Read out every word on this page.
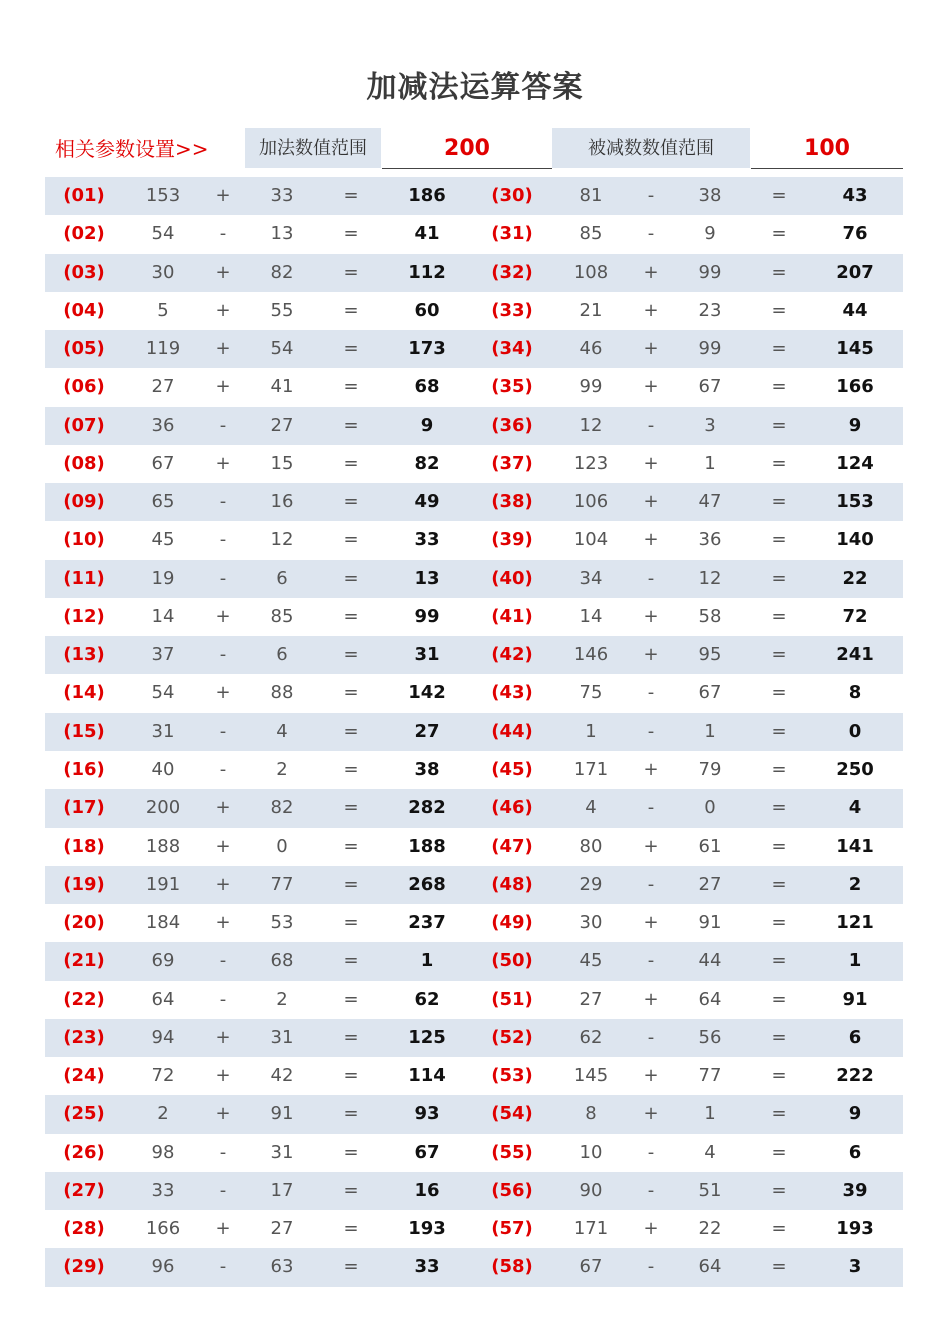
加减法运算答案
相关参数设置>>	加法数值范围	200	被减数数值范围	100
(01)	153	+	33	=	186	(30)	81	-	38	=	43
(02)	54	-	13	=	41	(31)	85	-	9	=	76
(03)	30	+	82	=	112	(32)	108	+	99	=	207
(04)	5	+	55	=	60	(33)	21	+	23	=	44
(05)	119	+	54	=	173	(34)	46	+	99	=	145
(06)	27	+	41	=	68	(35)	99	+	67	=	166
(07)	36	-	27	=	9	(36)	12	-	3	=	9
(08)	67	+	15	=	82	(37)	123	+	1	=	124
(09)	65	-	16	=	49	(38)	106	+	47	=	153
(10)	45	-	12	=	33	(39)	104	+	36	=	140
(11)	19	-	6	=	13	(40)	34	-	12	=	22
(12)	14	+	85	=	99	(41)	14	+	58	=	72
(13)	37	-	6	=	31	(42)	146	+	95	=	241
(14)	54	+	88	=	142	(43)	75	-	67	=	8
(15)	31	-	4	=	27	(44)	1	-	1	=	0
(16)	40	-	2	=	38	(45)	171	+	79	=	250
(17)	200	+	82	=	282	(46)	4	-	0	=	4
(18)	188	+	0	=	188	(47)	80	+	61	=	141
(19)	191	+	77	=	268	(48)	29	-	27	=	2
(20)	184	+	53	=	237	(49)	30	+	91	=	121
(21)	69	-	68	=	1	(50)	45	-	44	=	1
(22)	64	-	2	=	62	(51)	27	+	64	=	91
(23)	94	+	31	=	125	(52)	62	-	56	=	6
(24)	72	+	42	=	114	(53)	145	+	77	=	222
(25)	2	+	91	=	93	(54)	8	+	1	=	9
(26)	98	-	31	=	67	(55)	10	-	4	=	6
(27)	33	-	17	=	16	(56)	90	-	51	=	39
(28)	166	+	27	=	193	(57)	171	+	22	=	193
(29)	96	-	63	=	33	(58)	67	-	64	=	3
